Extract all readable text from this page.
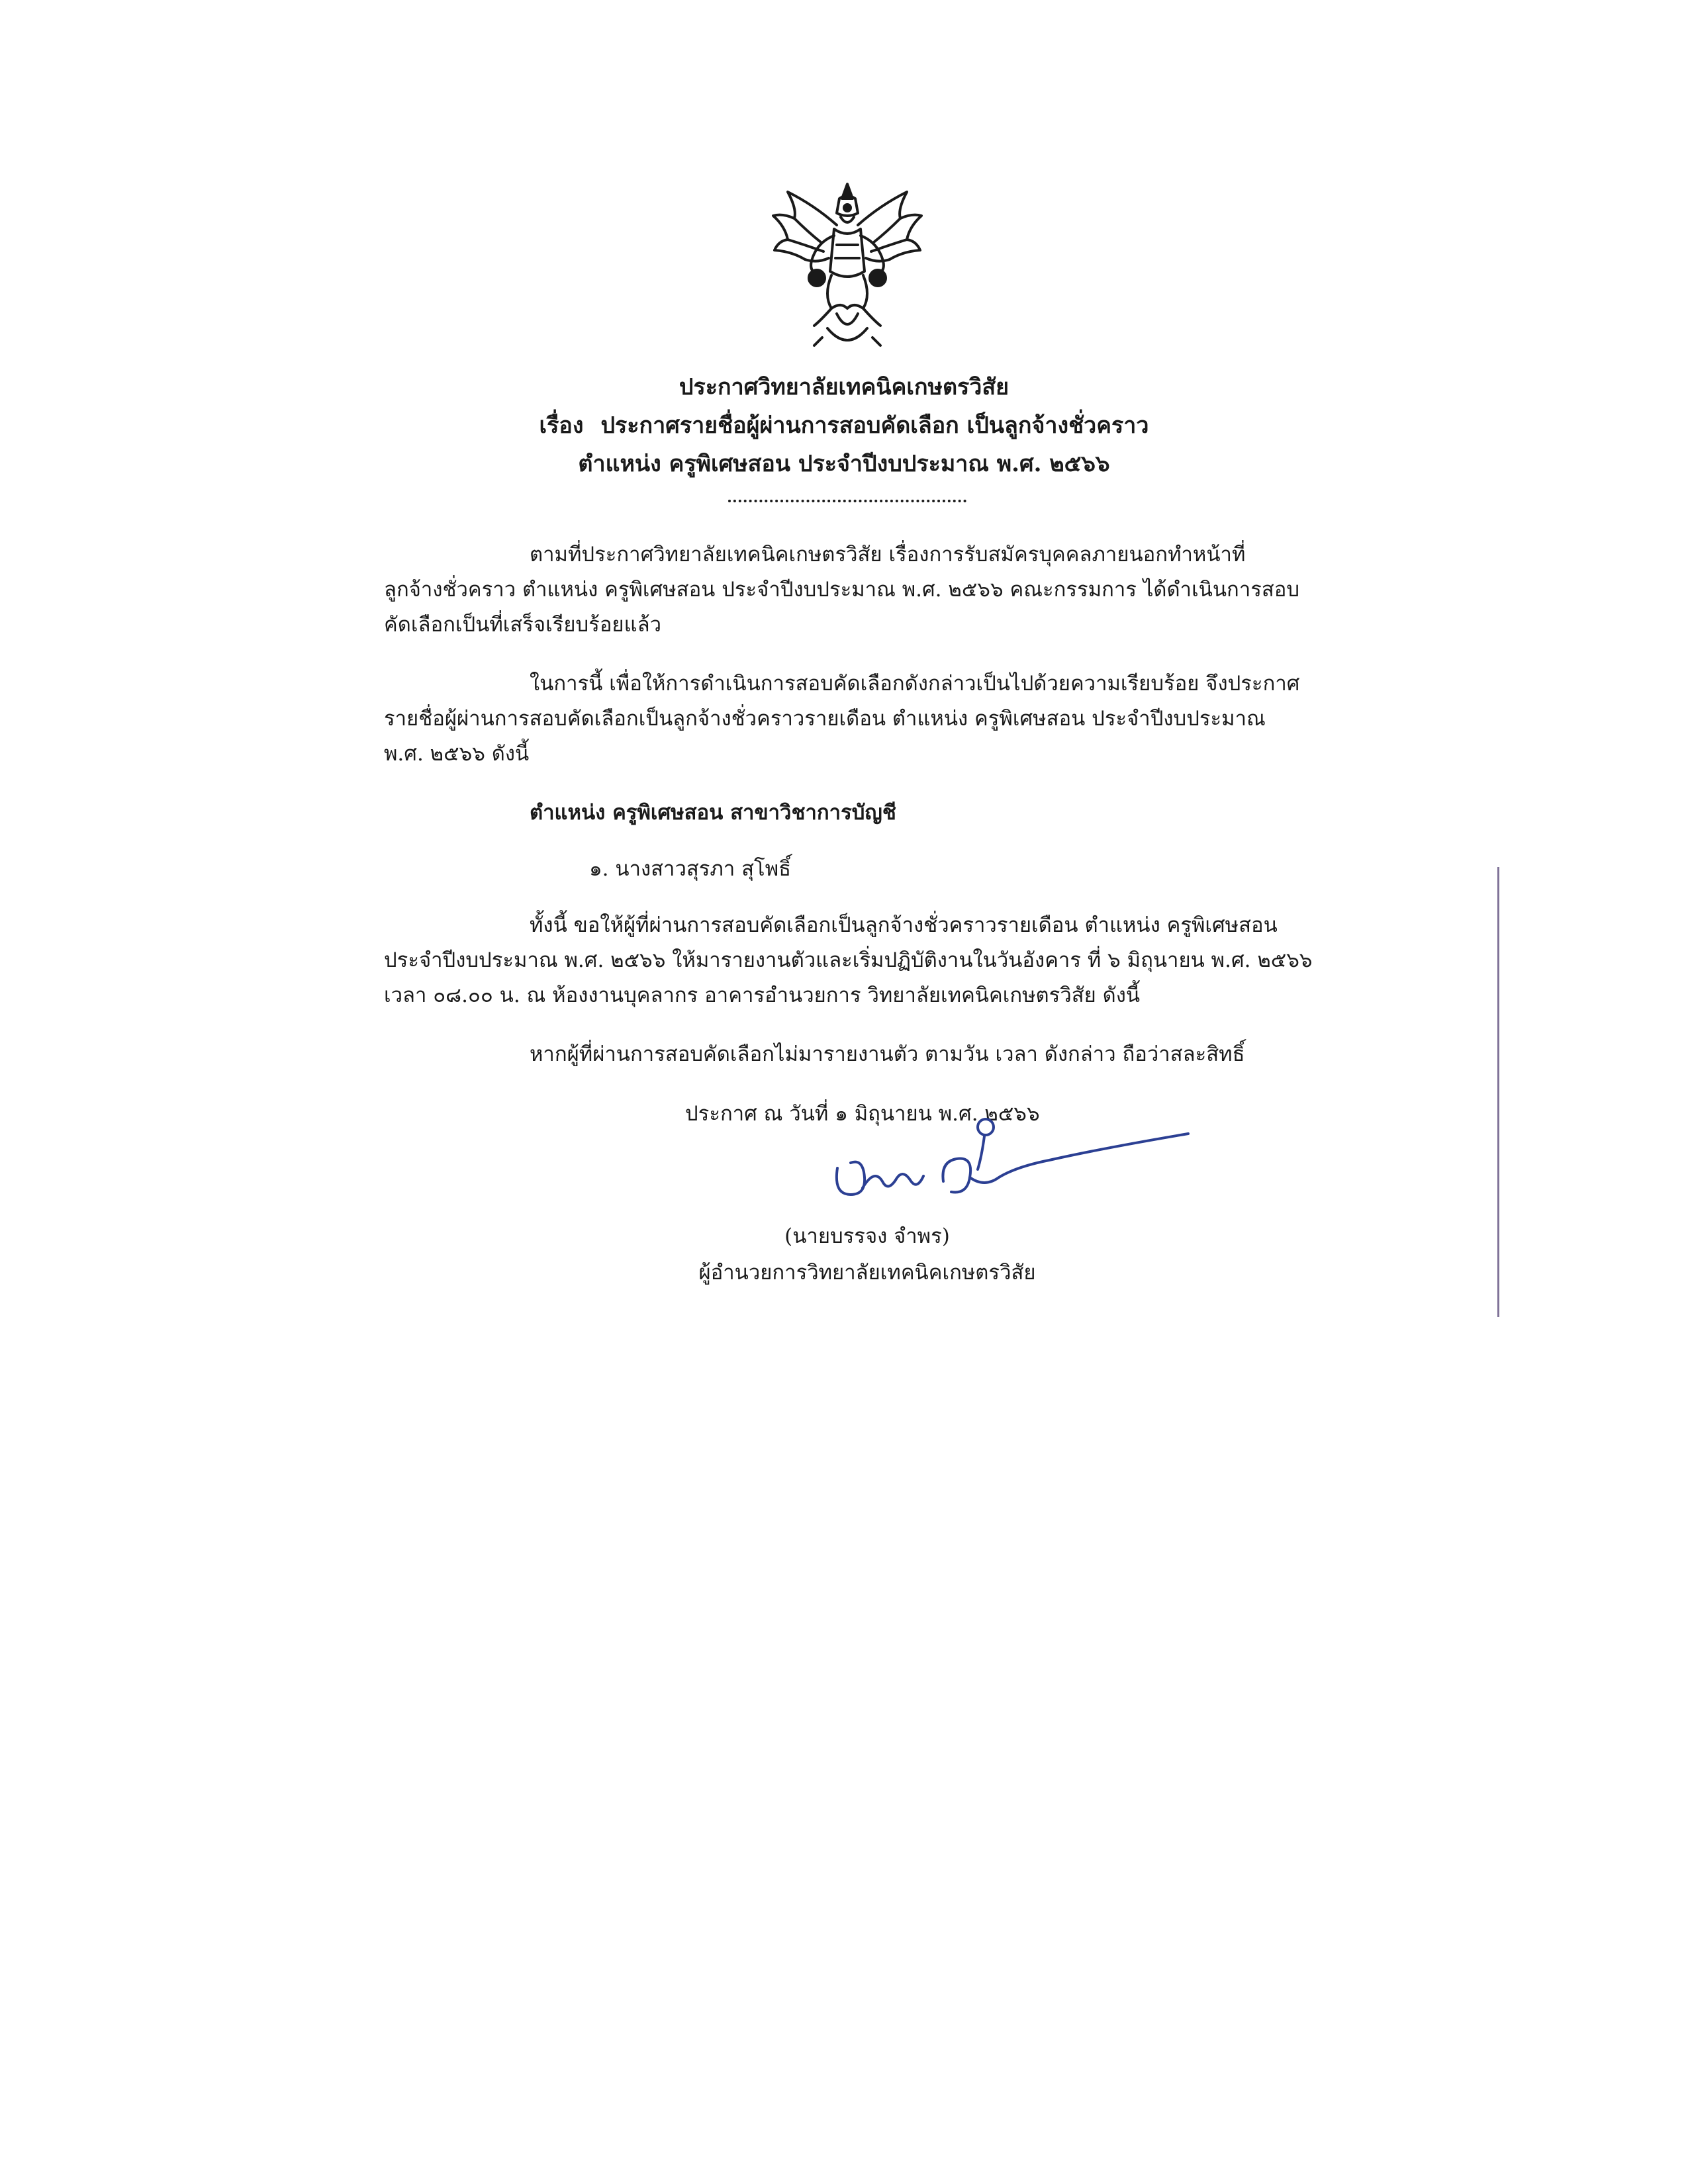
ประกาศวิทยาลัยเทคนิคเกษตรวิสัย
เรื่อง ประกาศรายชื่อผู้ผ่านการสอบคัดเลือก เป็นลูกจ้างชั่วคราว
ตำแหน่ง ครูพิเศษสอน ประจำปีงบประมาณ พ.ศ. ๒๕๖๖
ตามที่ประกาศวิทยาลัยเทคนิคเกษตรวิสัย เรื่องการรับสมัครบุคคลภายนอกทำหน้าที่
ลูกจ้างชั่วคราว ตำแหน่ง ครูพิเศษสอน ประจำปีงบประมาณ พ.ศ. ๒๕๖๖ คณะกรรมการ ได้ดำเนินการสอบ
คัดเลือกเป็นที่เสร็จเรียบร้อยแล้ว
ในการนี้ เพื่อให้การดำเนินการสอบคัดเลือกดังกล่าวเป็นไปด้วยความเรียบร้อย จึงประกาศ
รายชื่อผู้ผ่านการสอบคัดเลือกเป็นลูกจ้างชั่วคราวรายเดือน ตำแหน่ง ครูพิเศษสอน ประจำปีงบประมาณ
พ.ศ. ๒๕๖๖ ดังนี้
ตำแหน่ง ครูพิเศษสอน สาขาวิชาการบัญชี
๑. นางสาวสุรภา สุโพธิ์
ทั้งนี้ ขอให้ผู้ที่ผ่านการสอบคัดเลือกเป็นลูกจ้างชั่วคราวรายเดือน ตำแหน่ง ครูพิเศษสอน
ประจำปีงบประมาณ พ.ศ. ๒๕๖๖ ให้มารายงานตัวและเริ่มปฏิบัติงานในวันอังคาร ที่ ๖ มิถุนายน พ.ศ. ๒๕๖๖
เวลา ๐๘.๐๐ น. ณ ห้องงานบุคลากร อาคารอำนวยการ วิทยาลัยเทคนิคเกษตรวิสัย ดังนี้
หากผู้ที่ผ่านการสอบคัดเลือกไม่มารายงานตัว ตามวัน เวลา ดังกล่าว ถือว่าสละสิทธิ์
ประกาศ ณ วันที่ ๑ มิถุนายน พ.ศ. ๒๕๖๖
(นายบรรจง จำพร)
ผู้อำนวยการวิทยาลัยเทคนิคเกษตรวิสัย
